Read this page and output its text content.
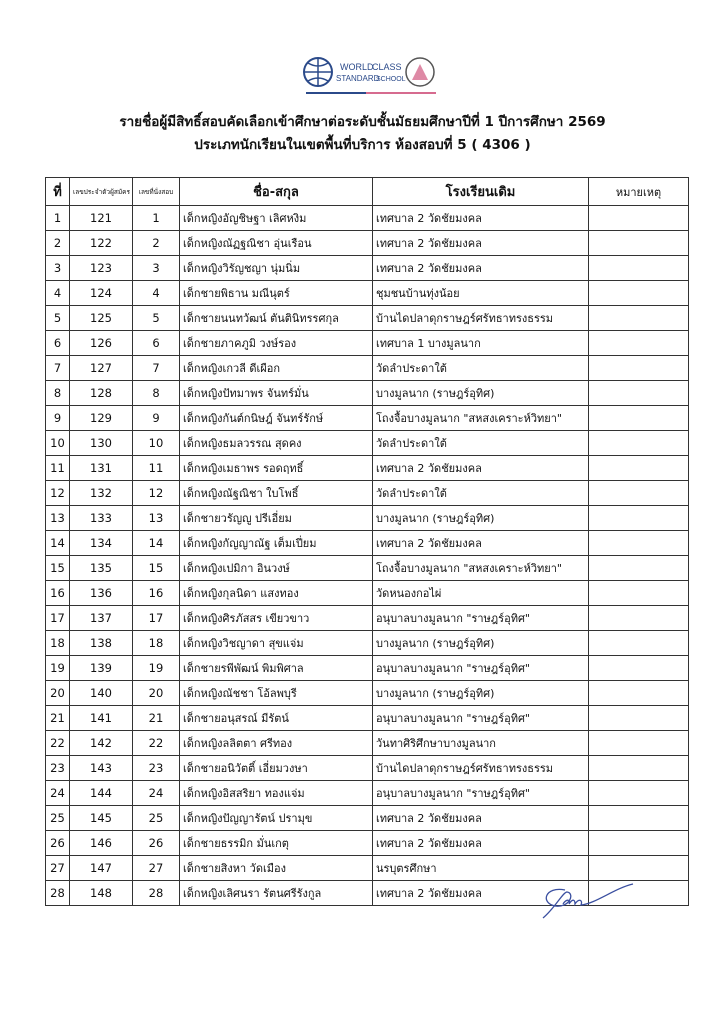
WORLD
CLASS
STANDARD
SCHOOL
รายชื่อผู้มีสิทธิ์สอบคัดเลือกเข้าศึกษาต่อระดับชั้นมัธยมศึกษาปีที่ 1 ปีการศึกษา 2569
ประเภทนักเรียนในเขตพื้นที่บริการ ห้องสอบที่ 5 ( 4306 )
ที่	เลขประจำตัวผู้สมัคร	เลขที่นั่งสอบ	ชื่อ-สกุล	โรงเรียนเดิม	หมายเหตุ
1	121	1	เด็กหญิงอัญชิษฐา เลิศหงิม	เทศบาล 2 วัดชัยมงคล	
2	122	2	เด็กหญิงณัฏฐณิชา อุ่นเรือน	เทศบาล 2 วัดชัยมงคล	
3	123	3	เด็กหญิงวิรัญชญา นุ่มนิ่ม	เทศบาล 2 วัดชัยมงคล	
4	124	4	เด็กชายพิธาน มณีนุตร์	ชุมชนบ้านทุ่งน้อย	
5	125	5	เด็กชายนนทวัฒน์ ตันตินิทรรศกุล	บ้านไดปลาดุกราษฎร์ศรัทธาทรงธรรม	
6	126	6	เด็กชายภาคภูมิ วงษ์รอง	เทศบาล 1 บางมูลนาก	
7	127	7	เด็กหญิงเกวลี ดีเผือก	วัดลำประดาใต้	
8	128	8	เด็กหญิงปัทมาพร จันทร์มั่น	บางมูลนาก (ราษฎร์อุทิศ)	
9	129	9	เด็กหญิงกันต์กนิษฎ์ จันทร์รักษ์	โถงจื้อบางมูลนาก "สหสงเคราะห์วิทยา"	
10	130	10	เด็กหญิงธมลวรรณ สุดคง	วัดลำประดาใต้	
11	131	11	เด็กหญิงเมธาพร รอดฤทธิ์	เทศบาล 2 วัดชัยมงคล	
12	132	12	เด็กหญิงณัฐณิชา ใบโพธิ์	วัดลำประดาใต้	
13	133	13	เด็กชายวรัญญู ปรีเอี่ยม	บางมูลนาก (ราษฎร์อุทิศ)	
14	134	14	เด็กหญิงกัญญาณัฐ เต็มเปี่ยม	เทศบาล 2 วัดชัยมงคล	
15	135	15	เด็กหญิงเปมิกา อินวงษ์	โถงจื้อบางมูลนาก "สหสงเคราะห์วิทยา"	
16	136	16	เด็กหญิงกุลนิดา แสงทอง	วัดหนองกอไผ่	
17	137	17	เด็กหญิงศิรภัสสร เขียวขาว	อนุบาลบางมูลนาก "ราษฎร์อุทิศ"	
18	138	18	เด็กหญิงวิชญาดา สุขแจ่ม	บางมูลนาก (ราษฎร์อุทิศ)	
19	139	19	เด็กชายรพีพัฒน์ พิมพิศาล	อนุบาลบางมูลนาก "ราษฎร์อุทิศ"	
20	140	20	เด็กหญิงณัชชา โอ้ลพบุรี	บางมูลนาก (ราษฎร์อุทิศ)	
21	141	21	เด็กชายอนุสรณ์ มีรัตน์	อนุบาลบางมูลนาก "ราษฎร์อุทิศ"	
22	142	22	เด็กหญิงลลิตตา ศรีทอง	วันทาศิริศึกษาบางมูลนาก	
23	143	23	เด็กชายอนิวัตติ์ เอี่ยมวงษา	บ้านไดปลาดุกราษฎร์ศรัทธาทรงธรรม	
24	144	24	เด็กหญิงอิสสริยา ทองแจ่ม	อนุบาลบางมูลนาก "ราษฎร์อุทิศ"	
25	145	25	เด็กหญิงปัญญารัตน์ ปรามุข	เทศบาล 2 วัดชัยมงคล	
26	146	26	เด็กชายธรรมิก มั่นเกตุ	เทศบาล 2 วัดชัยมงคล	
27	147	27	เด็กชายสิงหา วัดเมือง	นรบุตรศึกษา	
28	148	28	เด็กหญิงเลิศนรา รัตนศรีรังกูล	เทศบาล 2 วัดชัยมงคล	
